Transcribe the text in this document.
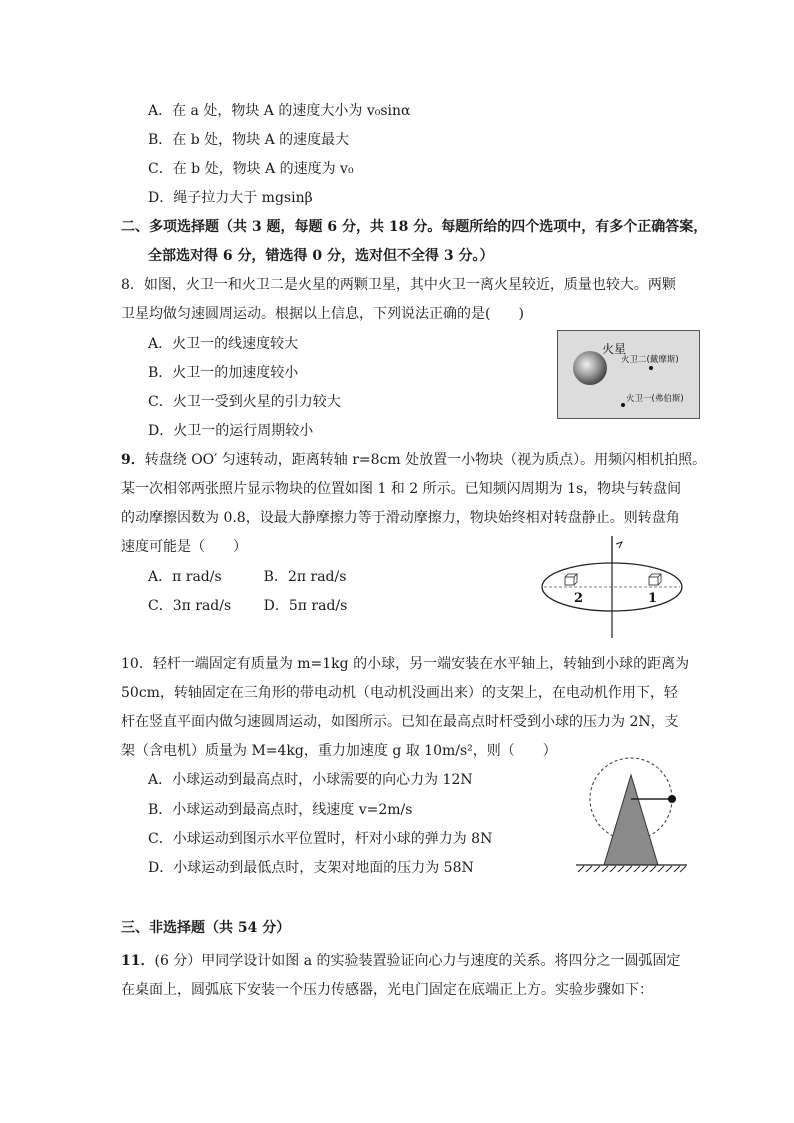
A．在 a 处，物块 A 的速度大小为 v₀sinα
B．在 b 处，物块 A 的速度最大
C．在 b 处，物块 A 的速度为 v₀
D．绳子拉力大于 mgsinβ
二、多项选择题（共 3 题，每题 6 分，共 18 分。每题所给的四个选项中，有多个正确答案，
全部选对得 6 分，错选得 0 分，选对但不全得 3 分。）
8．如图，火卫一和火卫二是火星的两颗卫星，其中火卫一离火星较近，质量也较大。两颗
卫星均做匀速圆周运动。根据以上信息，下列说法正确的是(　　)
A．火卫一的线速度较大
B．火卫一的加速度较小
C．火卫一受到火星的引力较大
D．火卫一的运行周期较小
火星
火卫二(戴摩斯)
火卫一(弗伯斯)
9．转盘绕 OO′ 匀速转动，距离转轴 r=8cm 处放置一小物块（视为质点）。用频闪相机拍照。
某一次相邻两张照片显示物块的位置如图 1 和 2 所示。已知频闪周期为 1s，物块与转盘间
的动摩擦因数为 0.8，设最大静摩擦力等于滑动摩擦力，物块始终相对转盘静止。则转盘角
速度可能是（　　）
A．π rad/s　　　B．2π rad/s
C．3π rad/s　　 D．5π rad/s	2	1
10．轻杆一端固定有质量为 m=1kg 的小球，另一端安装在水平轴上，转轴到小球的距离为
50cm，转轴固定在三角形的带电动机（电动机没画出来）的支架上，在电动机作用下，轻
杆在竖直平面内做匀速圆周运动，如图所示。已知在最高点时杆受到小球的压力为 2N，支
架（含电机）质量为 M=4kg，重力加速度 g 取 10m/s²，则（　　）
A．小球运动到最高点时，小球需要的向心力为 12N
B．小球运动到最高点时，线速度 v=2m/s
C．小球运动到图示水平位置时，杆对小球的弹力为 8N
D．小球运动到最低点时，支架对地面的压力为 58N
三、非选择题（共 54 分）
11．(6 分）甲同学设计如图 a 的实验装置验证向心力与速度的关系。将四分之一圆弧固定
在桌面上，圆弧底下安装一个压力传感器，光电门固定在底端正上方。实验步骤如下：
